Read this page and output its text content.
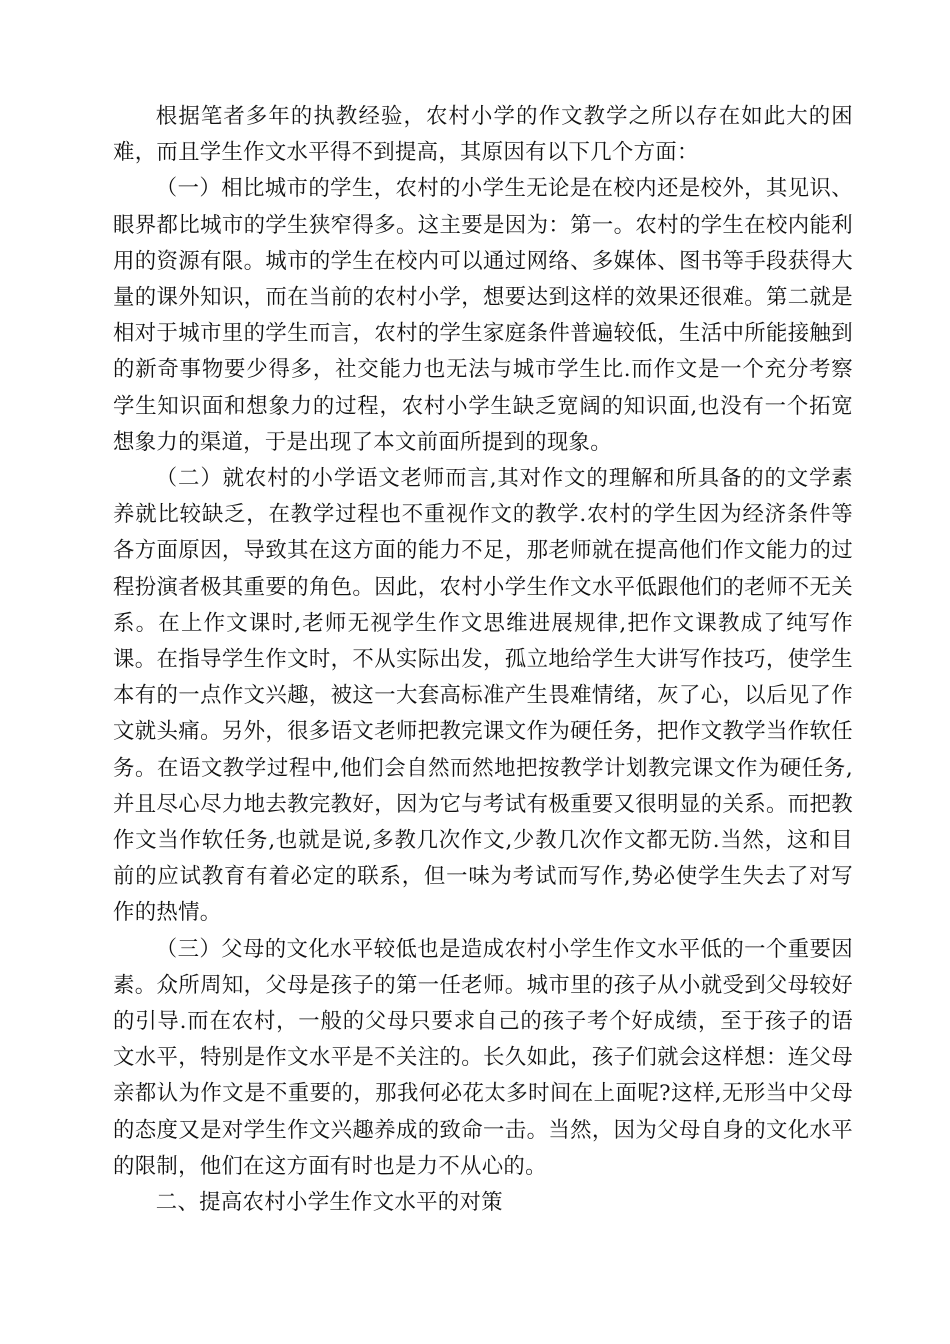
根据笔者多年的执教经验，农村小学的作文教学之所以存在如此大的困难，而且学生作文水平得不到提高，其原因有以下几个方面：

（一）相比城市的学生，农村的小学生无论是在校内还是校外，其见识、眼界都比城市的学生狭窄得多。这主要是因为：第一。农村的学生在校内能利用的资源有限。城市的学生在校内可以通过网络、多媒体、图书等手段获得大量的课外知识，而在当前的农村小学，想要达到这样的效果还很难。第二就是相对于城市里的学生而言，农村的学生家庭条件普遍较低，生活中所能接触到的新奇事物要少得多，社交能力也无法与城市学生比.而作文是一个充分考察学生知识面和想象力的过程，农村小学生缺乏宽阔的知识面,也没有一个拓宽想象力的渠道，于是出现了本文前面所提到的现象。

（二）就农村的小学语文老师而言,其对作文的理解和所具备的的文学素养就比较缺乏，在教学过程也不重视作文的教学.农村的学生因为经济条件等各方面原因，导致其在这方面的能力不足，那老师就在提高他们作文能力的过程扮演者极其重要的角色。因此，农村小学生作文水平低跟他们的老师不无关系。在上作文课时,老师无视学生作文思维进展规律,把作文课教成了纯写作课。在指导学生作文时，不从实际出发，孤立地给学生大讲写作技巧，使学生本有的一点作文兴趣，被这一大套高标准产生畏难情绪，灰了心，以后见了作文就头痛。另外，很多语文老师把教完课文作为硬任务，把作文教学当作软任务。在语文教学过程中,他们会自然而然地把按教学计划教完课文作为硬任务,并且尽心尽力地去教完教好，因为它与考试有极重要又很明显的关系。而把教作文当作软任务,也就是说,多教几次作文,少教几次作文都无防.当然，这和目前的应试教育有着必定的联系，但一味为考试而写作,势必使学生失去了对写作的热情。

（三）父母的文化水平较低也是造成农村小学生作文水平低的一个重要因素。众所周知，父母是孩子的第一任老师。城市里的孩子从小就受到父母较好的引导.而在农村，一般的父母只要求自己的孩子考个好成绩，至于孩子的语文水平，特别是作文水平是不关注的。长久如此，孩子们就会这样想：连父母亲都认为作文是不重要的，那我何必花太多时间在上面呢?这样,无形当中父母的态度又是对学生作文兴趣养成的致命一击。当然，因为父母自身的文化水平的限制，他们在这方面有时也是力不从心的。

二、提高农村小学生作文水平的对策
